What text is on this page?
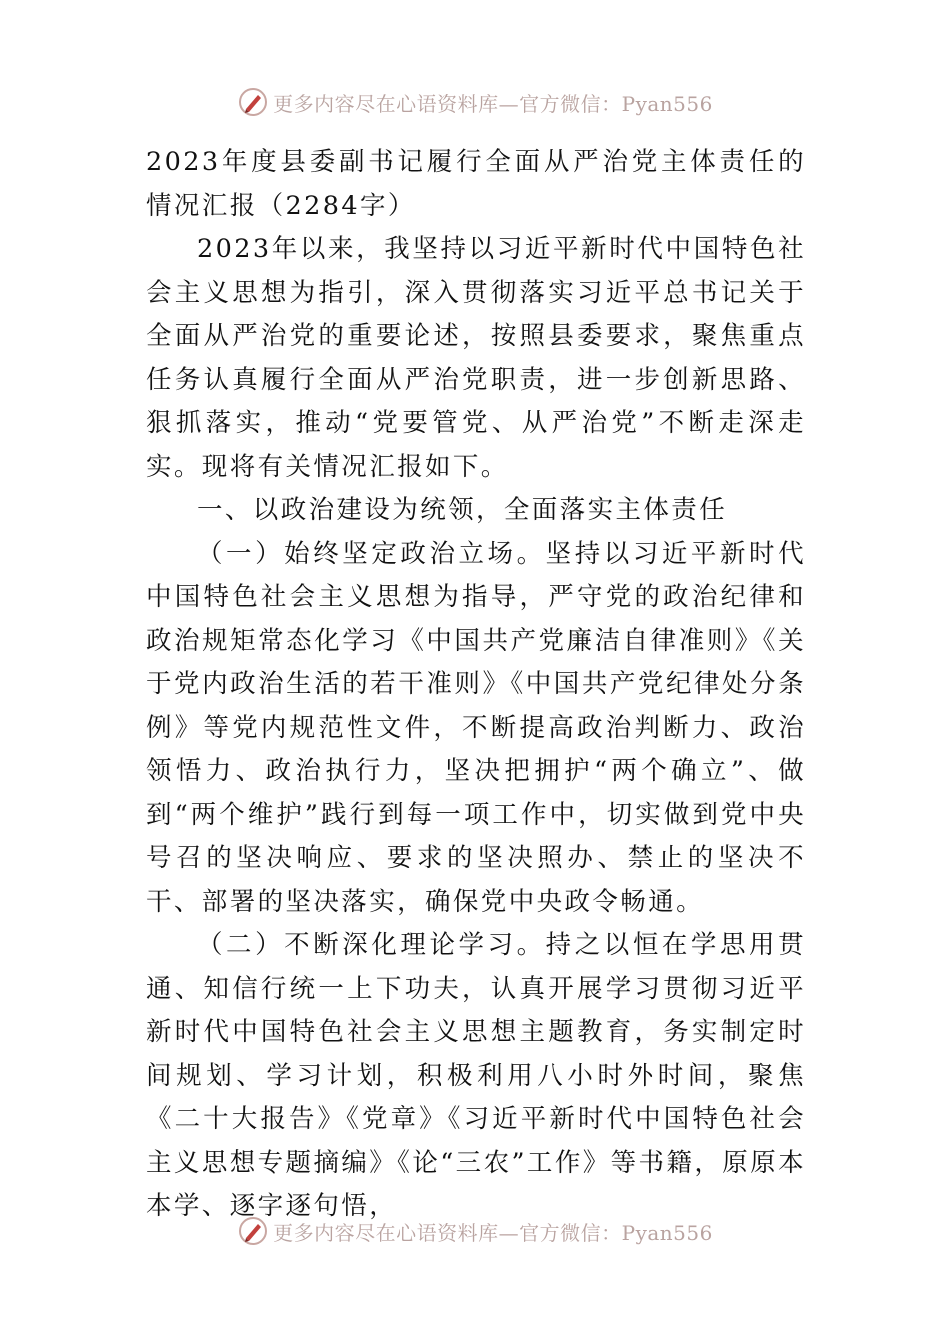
更多内容尽在心语资料库—官方微信：Pyan556

2023年度县委副书记履行全面从严治党主体责任的情况汇报（2284字）

2023年以来，我坚持以习近平新时代中国特色社会主义思想为指引，深入贯彻落实习近平总书记关于全面从严治党的重要论述，按照县委要求，聚焦重点任务认真履行全面从严治党职责，进一步创新思路、狠抓落实，推动“党要管党、从严治党”不断走深走实。现将有关情况汇报如下。

一、以政治建设为统领，全面落实主体责任

（一）始终坚定政治立场。坚持以习近平新时代中国特色社会主义思想为指导，严守党的政治纪律和政治规矩常态化学习《中国共产党廉洁自律准则》《关于党内政治生活的若干准则》《中国共产党纪律处分条例》等党内规范性文件，不断提高政治判断力、政治领悟力、政治执行力，坚决把拥护“两个确立”、做到“两个维护”践行到每一项工作中，切实做到党中央号召的坚决响应、要求的坚决照办、禁止的坚决不干、部署的坚决落实，确保党中央政令畅通。

（二）不断深化理论学习。持之以恒在学思用贯通、知信行统一上下功夫，认真开展学习贯彻习近平新时代中国特色社会主义思想主题教育，务实制定时间规划、学习计划，积极利用八小时外时间，聚焦《二十大报告》《党章》《习近平新时代中国特色社会主义思想专题摘编》《论“三农”工作》等书籍，原原本本学、逐字逐句悟，

更多内容尽在心语资料库—官方微信：Pyan556
